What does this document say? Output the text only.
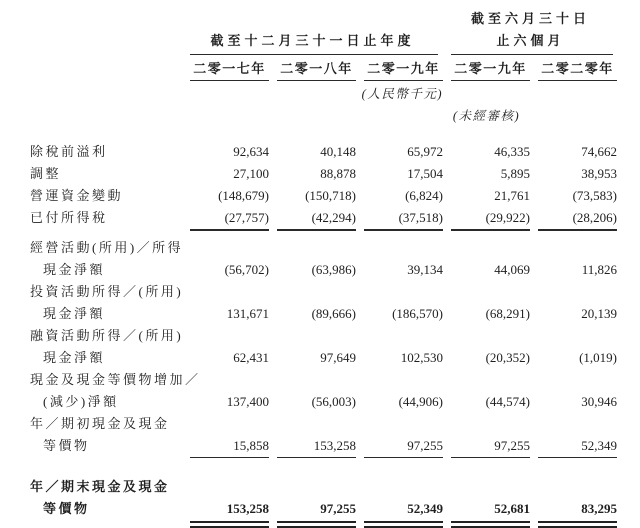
截至十二月三十一日止年度
截至六月三十日
止六個月
二零一七年 二零一八年 二零一九年 二零一九年 二零二零年
(人民幣千元)
(未經審核)
除稅前溢利	92,634	40,148	65,972	46,335	74,662
調整	27,100	88,878	17,504	5,895	38,953
營運資金變動	(148,679)	(150,718)	(6,824)	21,761	(73,583)
已付所得稅	(27,757)	(42,294)	(37,518)	(29,922)	(28,206)
經營活動(所用)／所得
現金淨額	(56,702)	(63,986)	39,134	44,069	11,826
投資活動所得／(所用)
現金淨額	131,671	(89,666)	(186,570)	(68,291)	20,139
融資活動所得／(所用)
現金淨額	62,431	97,649	102,530	(20,352)	(1,019)
現金及現金等價物增加／
(減少)淨額	137,400	(56,003)	(44,906)	(44,574)	30,946
年／期初現金及現金
等價物	15,858	153,258	97,255	97,255	52,349
年／期末現金及現金
等價物	153,258	97,255	52,349	52,681	83,295
